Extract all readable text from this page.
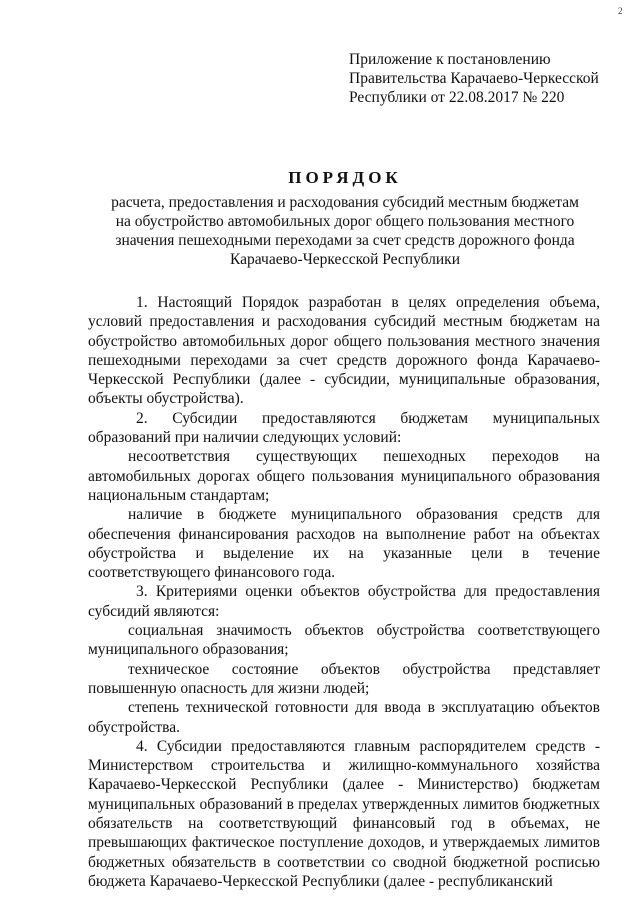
2
Приложение к постановлению
Правительства Карачаево-Черкесской
Республики от 22.08.2017 № 220
ПОРЯДОК
расчета, предоставления и расходования субсидий местным бюджетам
на обустройство автомобильных дорог общего пользования местного
значения пешеходными переходами за счет средств дорожного фонда
Карачаево-Черкесской Республики

1. Настоящий Порядок разработан в целях определения объема, условий предоставления и расходования субсидий местным бюджетам на обустройство автомобильных дорог общего пользования местного значения пешеходными переходами за счет средств дорожного фонда Карачаево-Черкесской Республики (далее - субсидии, муниципальные образования, объекты обустройства).

2. Субсидии предоставляются бюджетам муниципальных образований при наличии следующих условий:

несоответствия существующих пешеходных переходов на автомобильных дорогах общего пользования муниципального образования национальным стандартам;

наличие в бюджете муниципального образования средств для обеспечения финансирования расходов на выполнение работ на объектах обустройства и выделение их на указанные цели в течение соответствующего финансового года.

3. Критериями оценки объектов обустройства для предоставления субсидий являются:

социальная значимость объектов обустройства соответствующего муниципального образования;

техническое состояние объектов обустройства представляет повышенную опасность для жизни людей;

степень технической готовности для ввода в эксплуатацию объектов обустройства.

4. Субсидии предоставляются главным распорядителем средств - Министерством строительства и жилищно-коммунального хозяйства Карачаево-Черкесской Республики (далее - Министерство) бюджетам муниципальных образований в пределах утвержденных лимитов бюджетных обязательств на соответствующий финансовый год в объемах, не превышающих фактическое поступление доходов, и утверждаемых лимитов бюджетных обязательств в соответствии со сводной бюджетной росписью бюджета Карачаево-Черкесской Республики (далее - республиканский
